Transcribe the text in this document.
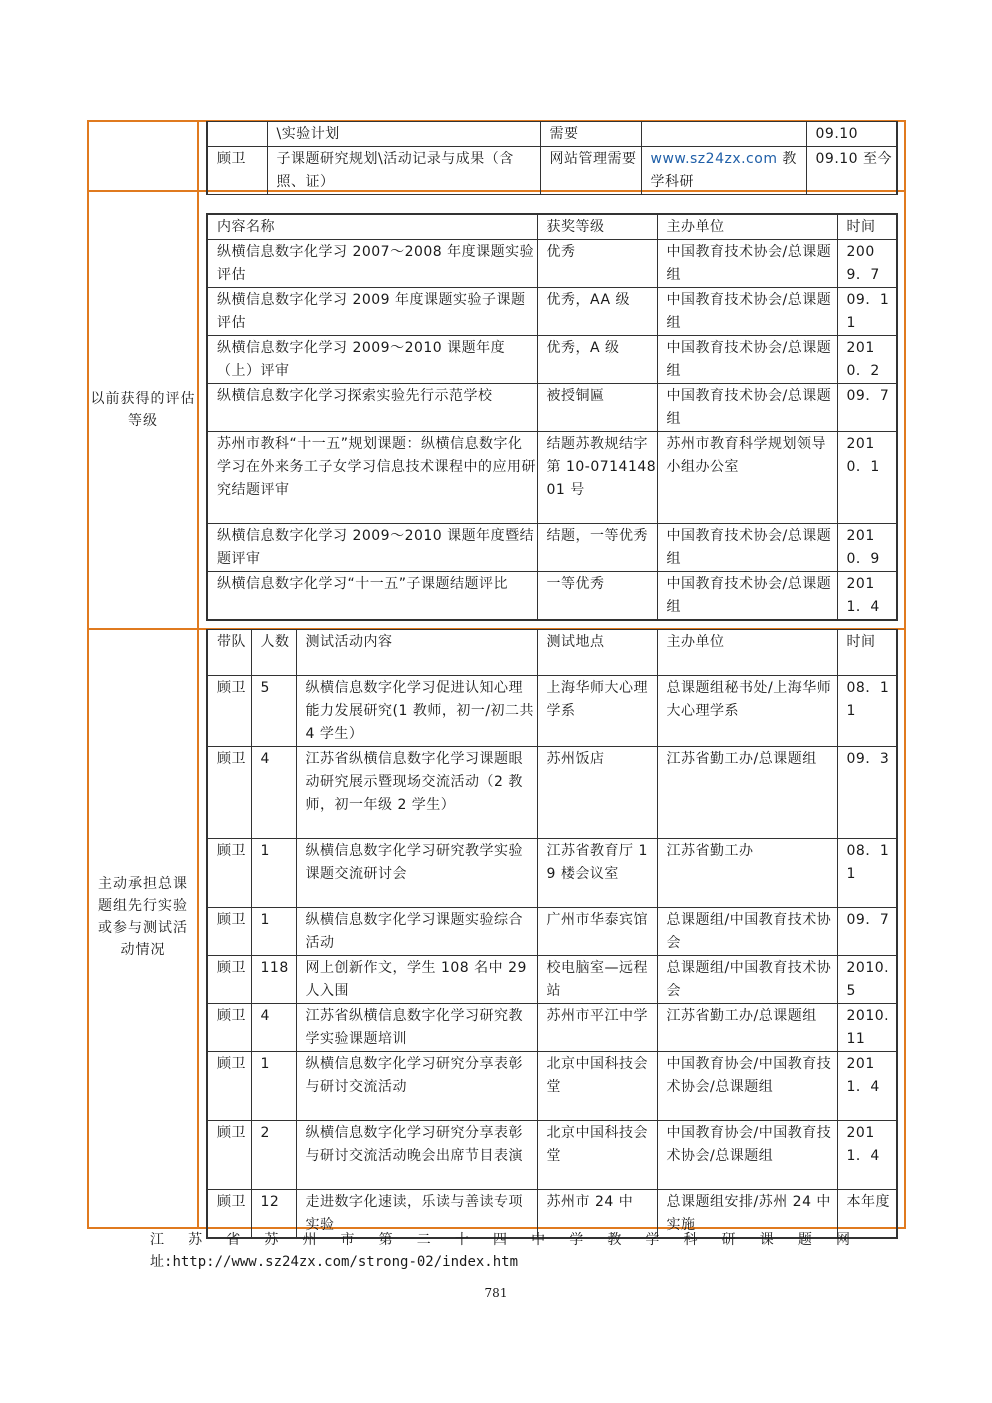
	\实验计划	需要		09.10
顾卫	子课题研究规划\活动记录与成果（含照、证）	网站管理需要	www.sz24zx.com 教学科研	09.10 至今
以前获得的评估等级
内容名称	获奖等级	主办单位	时间
纵横信息数字化学习 2007～2008 年度课题实验评估	优秀	中国教育技术协会/总课题组	2009．7
纵横信息数字化学习 2009 年度课题实验子课题评估	优秀，AA 级	中国教育技术协会/总课题组	09．11
纵横信息数字化学习 2009～2010 课题年度（上）评审	优秀，A 级	中国教育技术协会/总课题组	2010．2
纵横信息数字化学习探索实验先行示范学校	被授铜匾	中国教育技术协会/总课题组	09．7
苏州市教科“十一五”规划课题：纵横信息数字化学习在外来务工子女学习信息技术课程中的应用研究结题评审	结题苏教规结字第 10-071414801 号	苏州市教育科学规划领导小组办公室	2010．1
纵横信息数字化学习 2009～2010 课题年度暨结题评审	结题，一等优秀	中国教育技术协会/总课题组	2010．9
纵横信息数字化学习“十一五”子课题结题评比	一等优秀	中国教育技术协会/总课题组	2011．4
主动承担总课题组先行实验或参与测试活动情况
带队	人数	测试活动内容	测试地点	主办单位	时间
顾卫	5	纵横信息数字化学习促进认知心理能力发展研究(1 教师，初一/初二共 4 学生）	上海华师大心理学系	总课题组秘书处/上海华师大心理学系	08．11
顾卫	4	江苏省纵横信息数字化学习课题眼动研究展示暨现场交流活动（2 教师，初一年级 2 学生）	苏州饭店	江苏省勤工办/总课题组	09．3
顾卫	1	纵横信息数字化学习研究教学实验课题交流研讨会	江苏省教育厅 19 楼会议室	江苏省勤工办	08．11
顾卫	1	纵横信息数字化学习课题实验综合活动	广州市华泰宾馆	总课题组/中国教育技术协会	09．7
顾卫	118	网上创新作文，学生 108 名中 29 人入围	校电脑室—远程站	总课题组/中国教育技术协会	2010.5
顾卫	4	江苏省纵横信息数字化学习研究教学实验课题培训	苏州市平江中学	江苏省勤工办/总课题组	2010.11
顾卫	1	纵横信息数字化学习研究分享表彰与研讨交流活动	北京中国科技会堂	中国教育协会/中国教育技术协会/总课题组	2011．4
顾卫	2	纵横信息数字化学习研究分享表彰与研讨交流活动晚会出席节目表演	北京中国科技会堂	中国教育协会/中国教育技术协会/总课题组	2011．4
顾卫	12	走进数字化速读，乐读与善读专项实验	苏州市 24 中	总课题组安排/苏州 24 中实施	本年度
江 苏 省 苏 州 市 第 二 十 四 中 学 教 学 科 研 课 题 网
址:http://www.sz24zx.com/strong-02/index.htm
781
